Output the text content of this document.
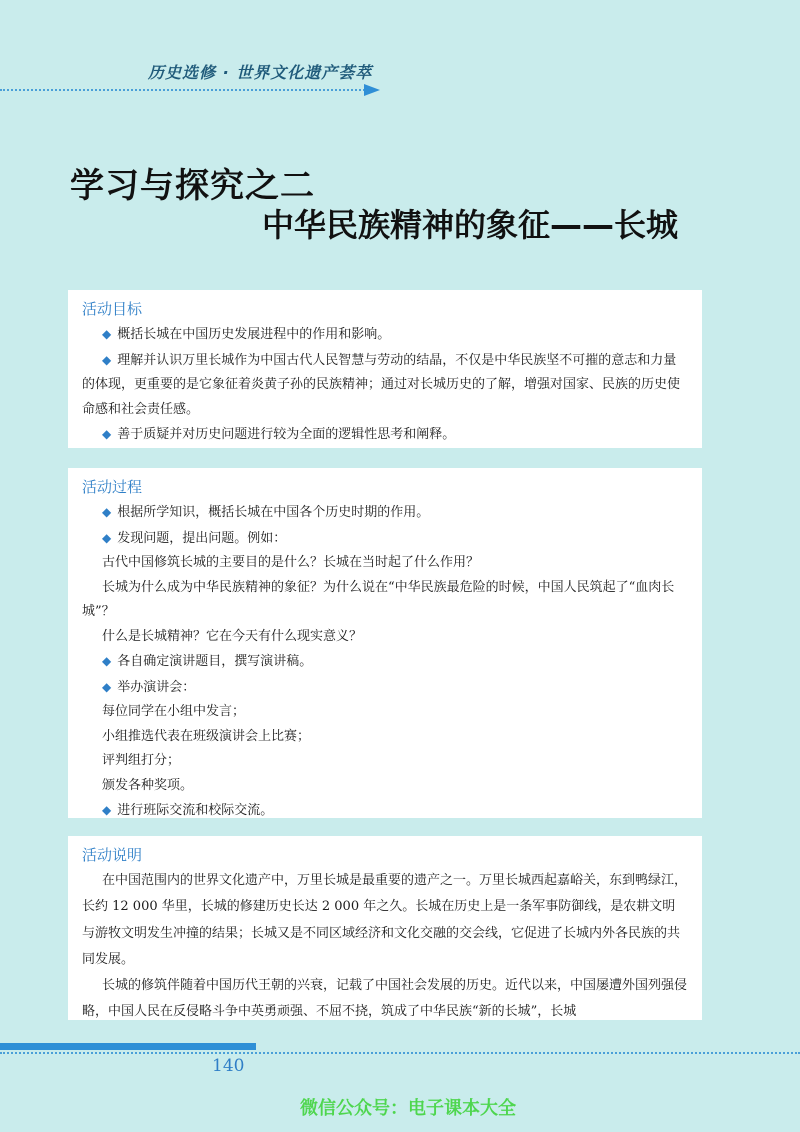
历史选修 · 世界文化遗产荟萃
学习与探究之二
中华民族精神的象征——长城
活动目标

◆ 概括长城在中国历史发展进程中的作用和影响。

◆ 理解并认识万里长城作为中国古代人民智慧与劳动的结晶，不仅是中华民族坚不可摧的意志和力量的体现，更重要的是它象征着炎黄子孙的民族精神；通过对长城历史的了解，增强对国家、民族的历史使命感和社会责任感。

◆ 善于质疑并对历史问题进行较为全面的逻辑性思考和阐释。

活动过程

◆ 根据所学知识，概括长城在中国各个历史时期的作用。

◆ 发现问题，提出问题。例如：

古代中国修筑长城的主要目的是什么？长城在当时起了什么作用？

长城为什么成为中华民族精神的象征？为什么说在“中华民族最危险的时候，中国人民筑起了“血肉长城”？

什么是长城精神？它在今天有什么现实意义？

◆ 各自确定演讲题目，撰写演讲稿。

◆ 举办演讲会：

每位同学在小组中发言；

小组推选代表在班级演讲会上比赛；

评判组打分；

颁发各种奖项。

◆ 进行班际交流和校际交流。

活动说明

在中国范围内的世界文化遗产中，万里长城是最重要的遗产之一。万里长城西起嘉峪关，东到鸭绿江，长约 12 000 华里，长城的修建历史长达 2 000 年之久。长城在历史上是一条军事防御线，是农耕文明与游牧文明发生冲撞的结果；长城又是不同区域经济和文化交融的交会线，它促进了长城内外各民族的共同发展。

长城的修筑伴随着中国历代王朝的兴衰，记载了中国社会发展的历史。近代以来，中国屡遭外国列强侵略，中国人民在反侵略斗争中英勇顽强、不屈不挠，筑成了中华民族“新的长城”，长城

140
微信公众号：电子课本大全
